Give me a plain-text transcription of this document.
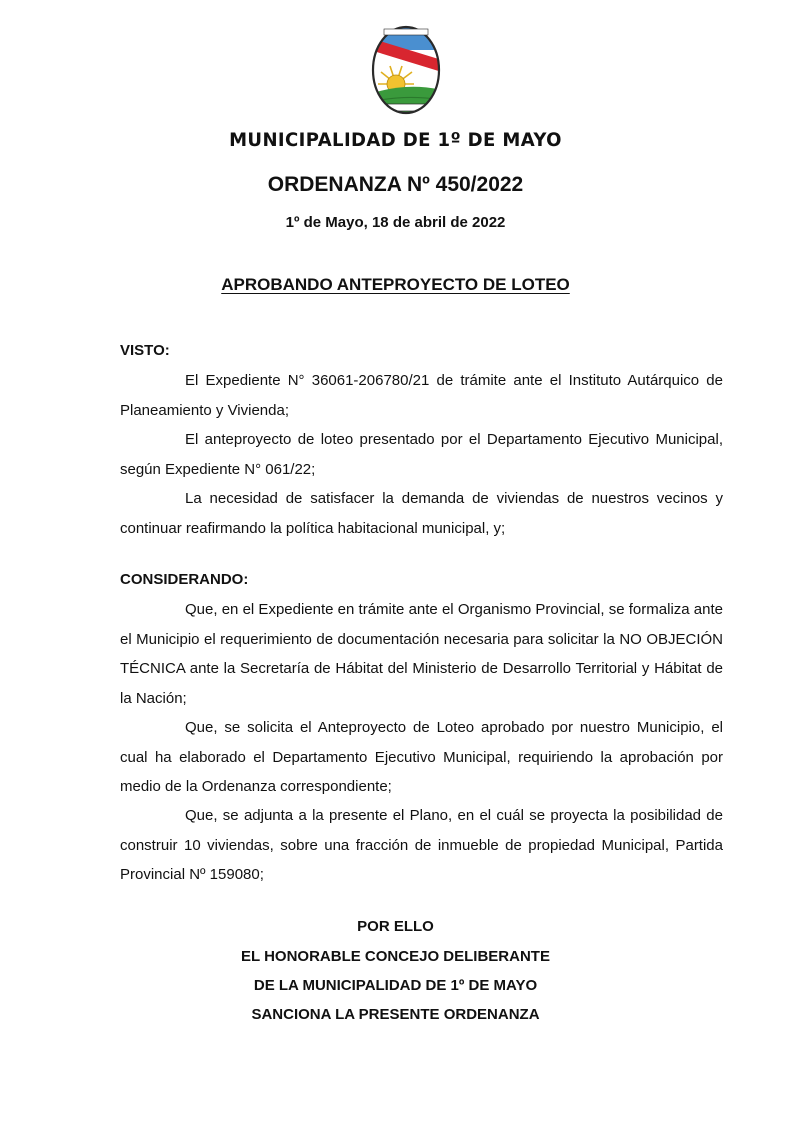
MUNICIPALIDAD DE 1º DE MAYO
ORDENANZA Nº 450/2022
1º de Mayo, 18 de abril de 2022
APROBANDO ANTEPROYECTO DE LOTEO
VISTO:
El Expediente N° 36061-206780/21 de trámite ante el Instituto Autárquico de Planeamiento y Vivienda;
El anteproyecto de loteo presentado por el Departamento Ejecutivo Municipal, según Expediente N° 061/22;
La necesidad de satisfacer la demanda de viviendas de nuestros vecinos y continuar reafirmando la política habitacional municipal, y;
CONSIDERANDO:
Que, en el Expediente en trámite ante el Organismo Provincial, se formaliza ante el Municipio el requerimiento de documentación necesaria para solicitar la NO OBJECIÓN TÉCNICA ante la Secretaría de Hábitat del Ministerio de Desarrollo Territorial y Hábitat de la Nación;
Que, se solicita el Anteproyecto de Loteo aprobado por nuestro Municipio, el cual ha elaborado el Departamento Ejecutivo Municipal, requiriendo la aprobación por medio de la Ordenanza correspondiente;
Que, se adjunta a la presente el Plano, en el cuál se proyecta la posibilidad de construir 10 viviendas, sobre una fracción de inmueble de propiedad Municipal, Partida Provincial Nº 159080;
POR ELLO
EL HONORABLE CONCEJO DELIBERANTE
DE LA MUNICIPALIDAD DE 1º DE MAYO
SANCIONA LA PRESENTE ORDENANZA
